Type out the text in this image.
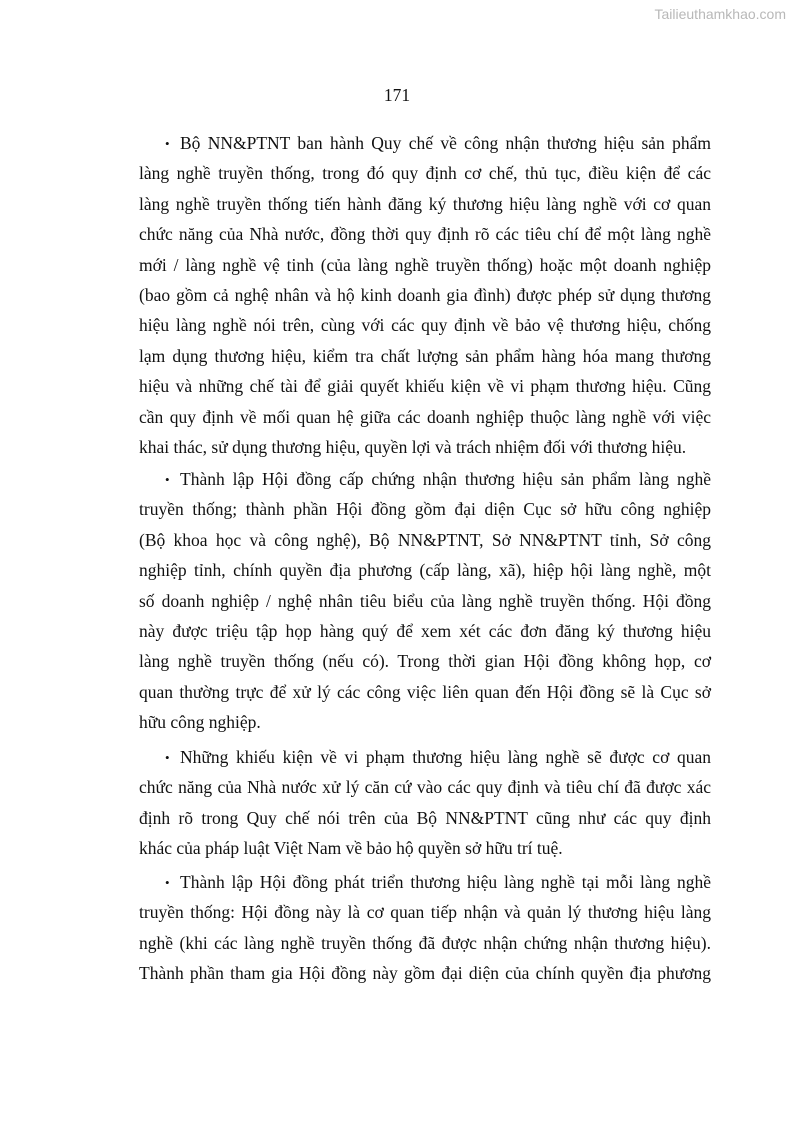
Tailieuthamkhao.com
171
• Bộ NN&PTNT ban hành Quy chế về công nhận thương hiệu sản phẩm
làng nghề truyền thống, trong đó quy định cơ chế, thủ tục, điều kiện để các
làng nghề truyền thống tiến hành đăng ký thương hiệu làng nghề với cơ quan
chức năng của Nhà nước, đồng thời quy định rõ các tiêu chí để một làng nghề
mới / làng nghề vệ tinh (của làng nghề truyền thống) hoặc một doanh nghiệp
(bao gồm cả nghệ nhân và hộ kinh doanh gia đình) được phép sử dụng thương
hiệu làng nghề nói trên, cùng với các quy định về bảo vệ thương hiệu, chống
lạm dụng thương hiệu, kiểm tra chất lượng sản phẩm hàng hóa mang thương
hiệu và những chế tài để giải quyết khiếu kiện về vi phạm thương hiệu. Cũng
cần quy định về mối quan hệ giữa các doanh nghiệp thuộc làng nghề với việc
khai thác, sử dụng thương hiệu, quyền lợi và trách nhiệm đối với thương hiệu.
• Thành lập Hội đồng cấp chứng nhận thương hiệu sản phẩm làng nghề
truyền thống; thành phần Hội đồng gồm đại diện Cục sở hữu công nghiệp
(Bộ khoa học và công nghệ), Bộ NN&PTNT, Sở NN&PTNT tỉnh, Sở công
nghiệp tỉnh, chính quyền địa phương (cấp làng, xã), hiệp hội làng nghề, một
số doanh nghiệp / nghệ nhân tiêu biểu của làng nghề truyền thống. Hội đồng
này được triệu tập họp hàng quý để xem xét các đơn đăng ký thương hiệu
làng nghề truyền thống (nếu có). Trong thời gian Hội đồng không họp, cơ
quan thường trực để xử lý các công việc liên quan đến Hội đồng sẽ là Cục sở
hữu công nghiệp.
• Những khiếu kiện về vi phạm thương hiệu làng nghề sẽ được cơ quan
chức năng của Nhà nước xử lý căn cứ vào các quy định và tiêu chí đã được xác
định rõ trong Quy chế nói trên của Bộ NN&PTNT cũng như các quy định
khác của pháp luật Việt Nam về bảo hộ quyền sở hữu trí tuệ.
• Thành lập Hội đồng phát triển thương hiệu làng nghề tại mỗi làng nghề
truyền thống: Hội đồng này là cơ quan tiếp nhận và quản lý thương hiệu làng
nghề (khi các làng nghề truyền thống đã được nhận chứng nhận thương hiệu).
Thành phần tham gia Hội đồng này gồm đại diện của chính quyền địa phương
